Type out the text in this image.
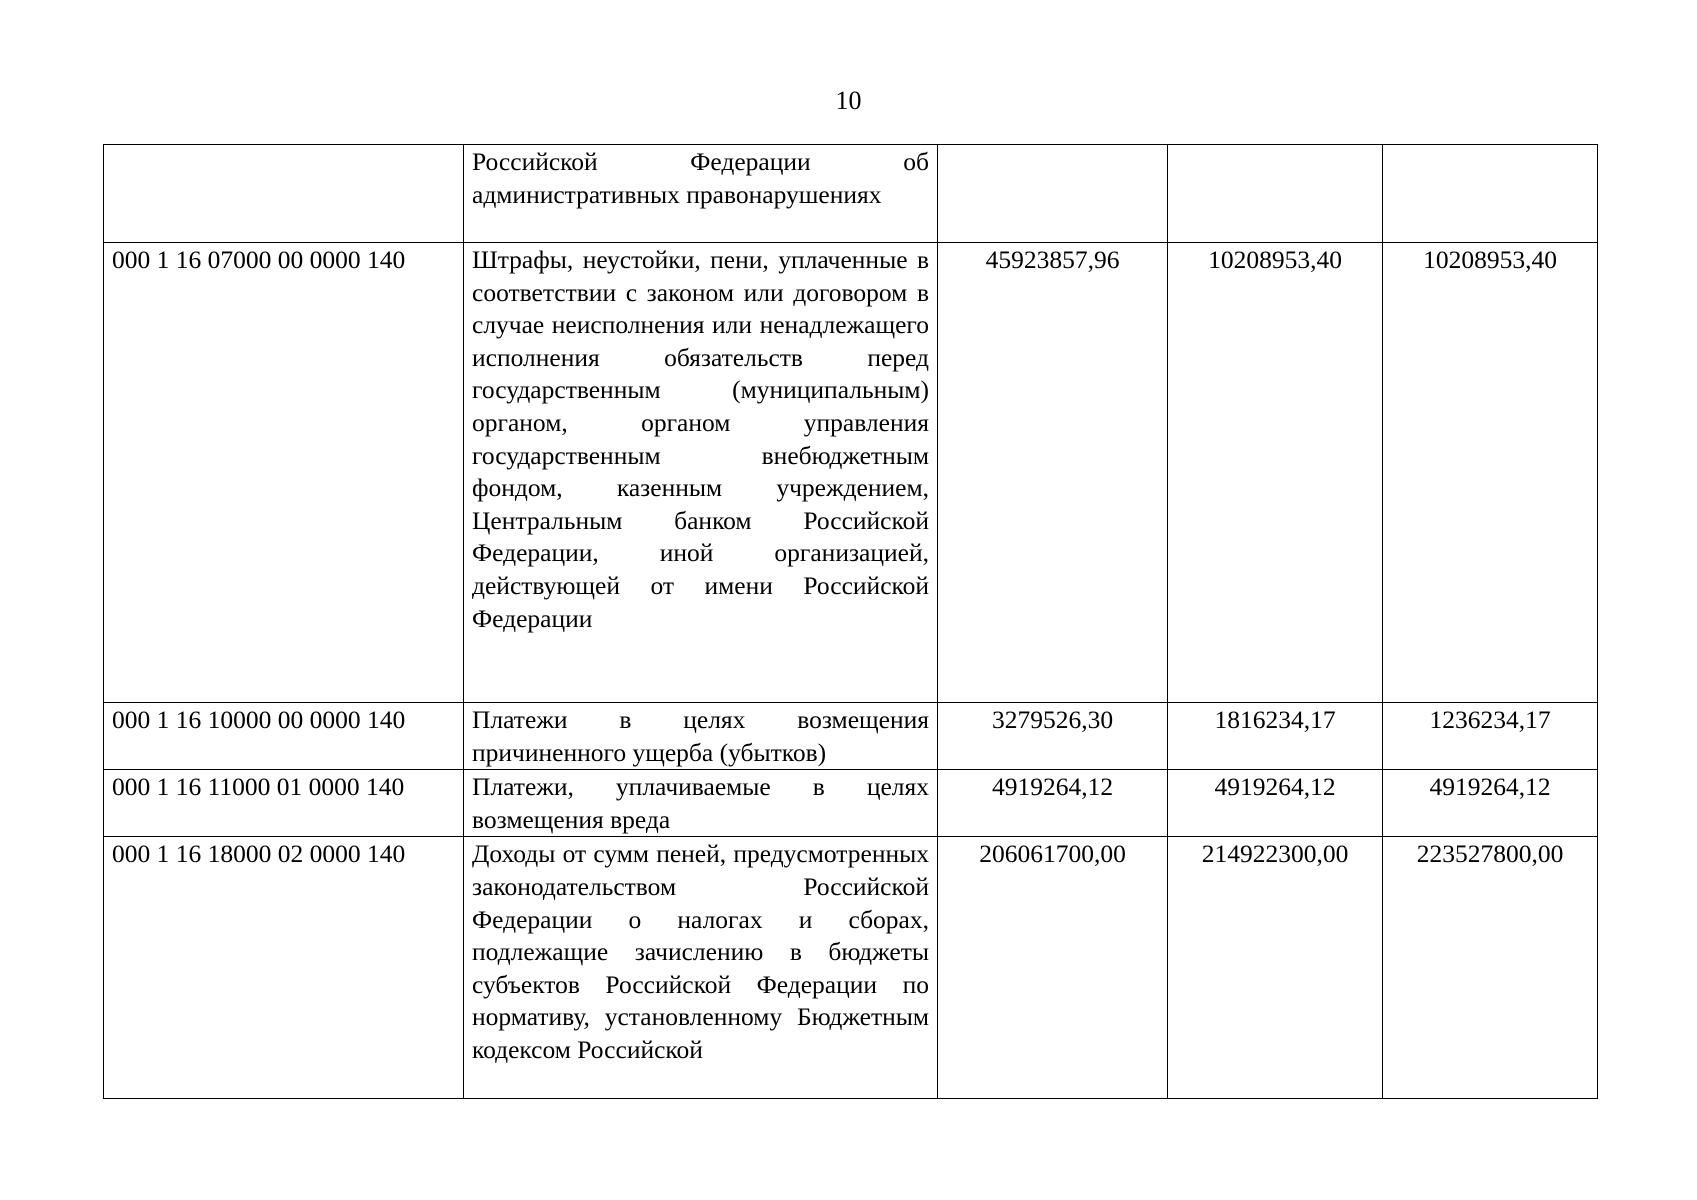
10

	Российской Федерации об административных правонарушениях			

000 1 16 07000 00 0000 140	Штрафы, неустойки, пени, уплаченные в соответствии с законом или договором в случае неисполнения или ненадлежащего исполнения обязательств перед государственным (муниципальным) органом, органом управления государственным внебюджетным фондом, казенным учреждением, Центральным банком Российской Федерации, иной организацией, действующей от имени Российской Федерации	45923857,96	10208953,40	10208953,40
000 1 16 10000 00 0000 140	Платежи в целях возмещения причиненного ущерба (убытков)	3279526,30	1816234,17	1236234,17
000 1 16 11000 01 0000 140	Платежи, уплачиваемые в целях возмещения вреда	4919264,12	4919264,12	4919264,12
000 1 16 18000 02 0000 140	Доходы от сумм пеней, предусмотренных законодательством Российской Федерации о налогах и сборах, подлежащие зачислению в бюджеты субъектов Российской Федерации по нормативу, установленному Бюджетным кодексом Российской	206061700,00	214922300,00	223527800,00
